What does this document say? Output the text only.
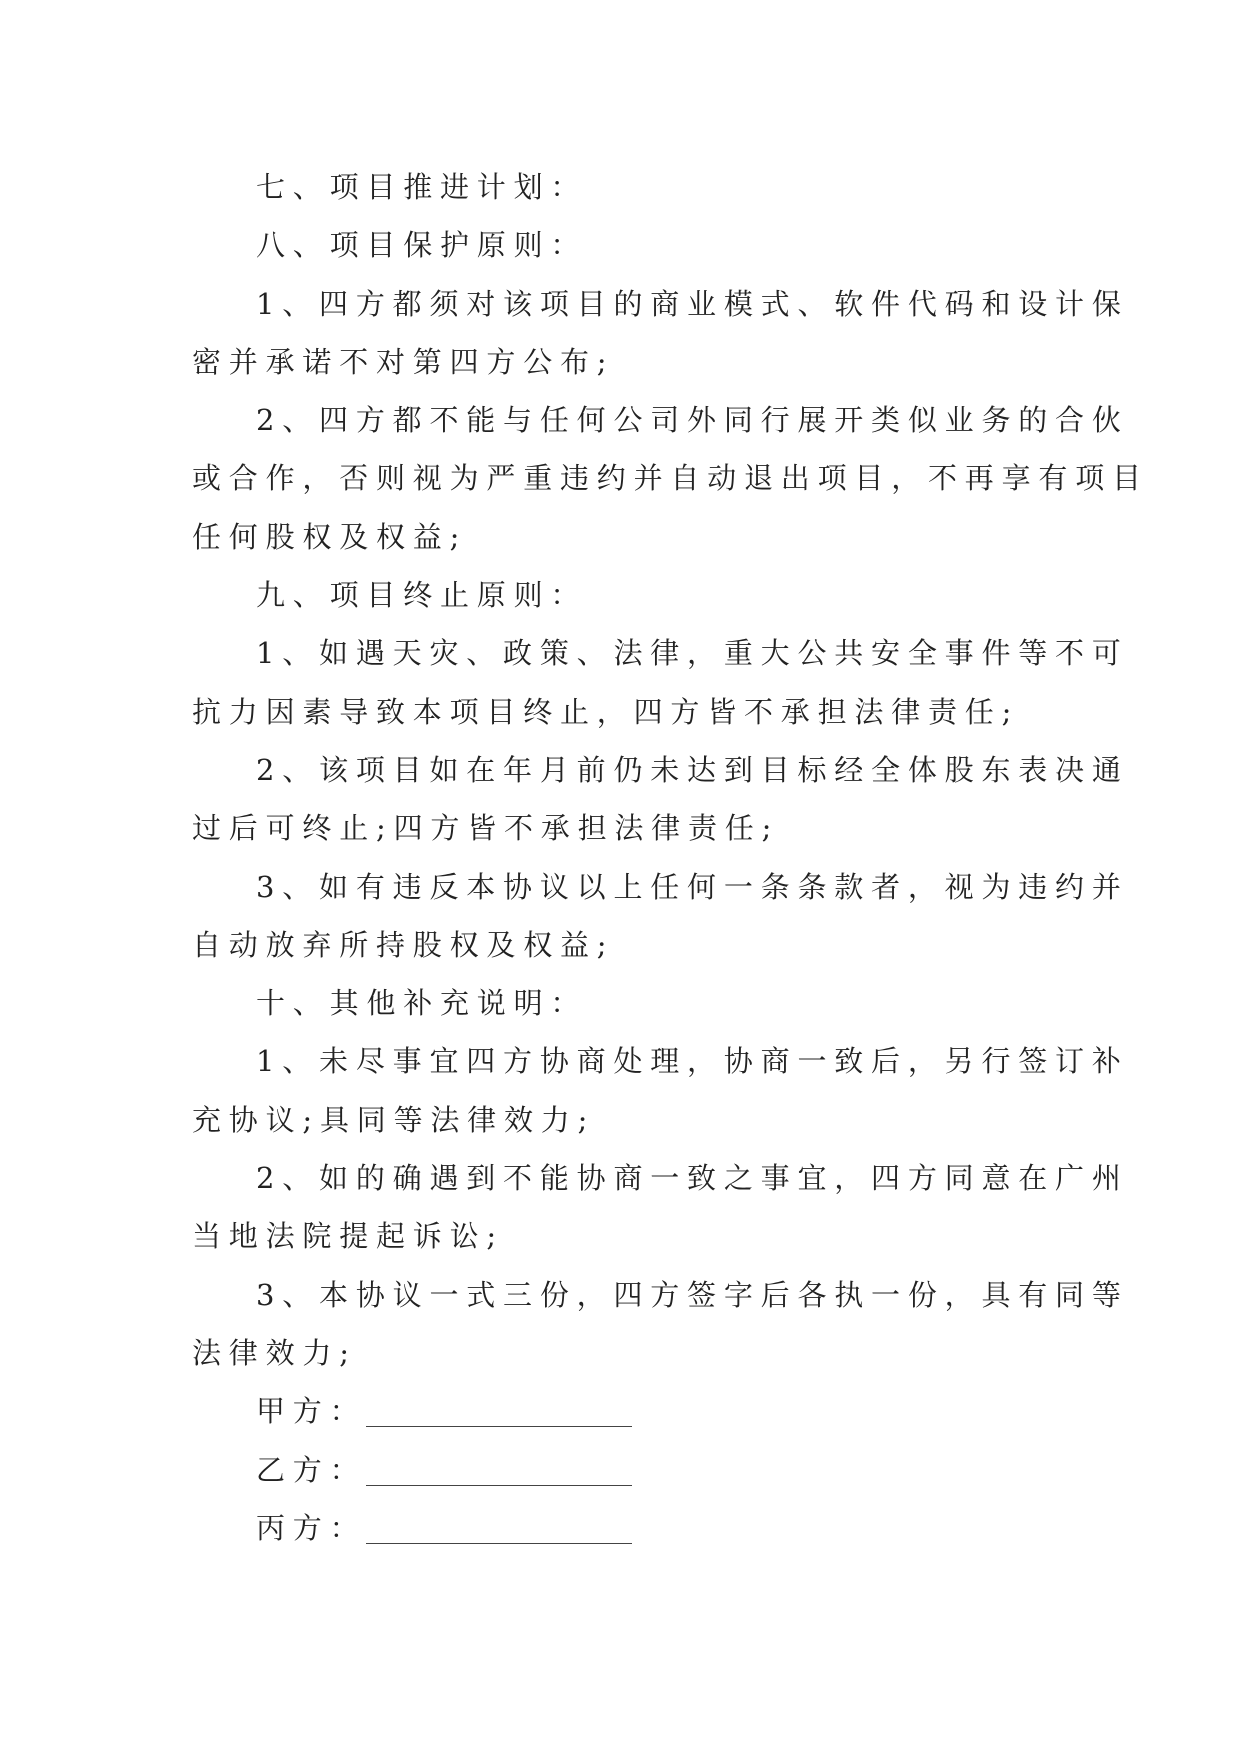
七、项目推进计划：
八、项目保护原则：
1、四方都须对该项目的商业模式、软件代码和设计保
密并承诺不对第四方公布;
2、四方都不能与任何公司外同行展开类似业务的合伙
或合作，否则视为严重违约并自动退出项目，不再享有项目
任何股权及权益;
九、项目终止原则：
1、如遇天灾、政策、法律，重大公共安全事件等不可
抗力因素导致本项目终止，四方皆不承担法律责任;
2、该项目如在年月前仍未达到目标经全体股东表决通
过后可终止;四方皆不承担法律责任;
3、如有违反本协议以上任何一条条款者，视为违约并
自动放弃所持股权及权益;
十、其他补充说明：
1、未尽事宜四方协商处理，协商一致后，另行签订补
充协议;具同等法律效力;
2、如的确遇到不能协商一致之事宜，四方同意在广州
当地法院提起诉讼;
3、本协议一式三份，四方签字后各执一份，具有同等
法律效力;
甲方：
乙方：
丙方：
